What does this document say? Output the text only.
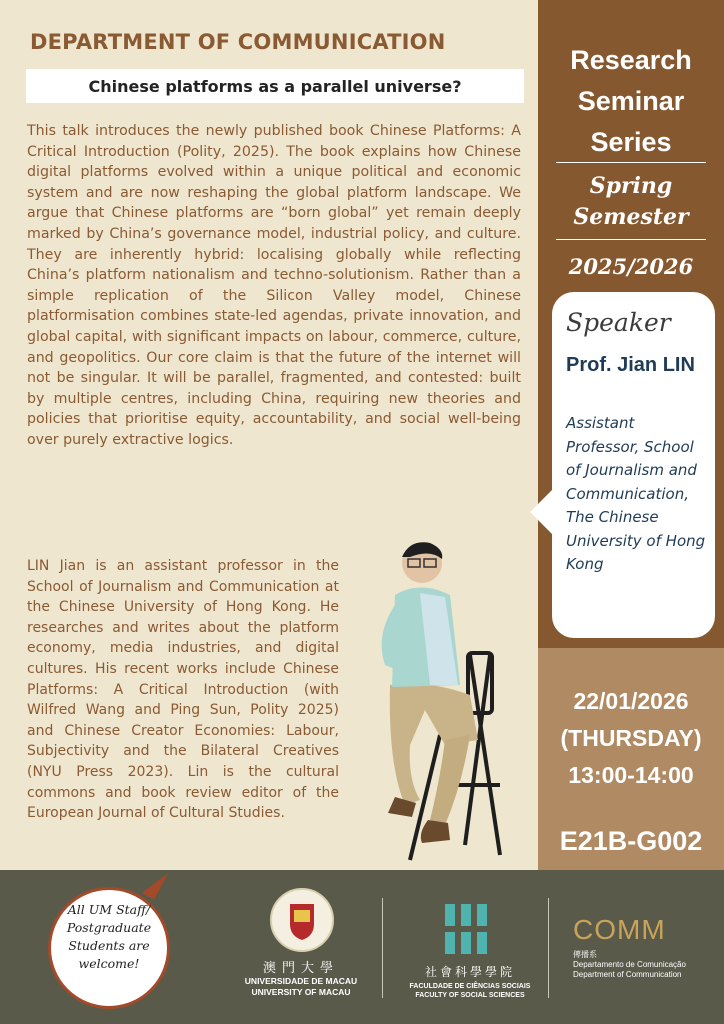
DEPARTMENT OF COMMUNICATION
Chinese platforms as a parallel universe?
This talk introduces the newly published book Chinese Platforms: A Critical Introduction (Polity, 2025). The book explains how Chinese digital platforms evolved within a unique political and economic system and are now reshaping the global platform landscape. We argue that Chinese platforms are “born global” yet remain deeply marked by China’s governance model, industrial policy, and culture. They are inherently hybrid: localising globally while reflecting China’s platform nationalism and techno-solutionism. Rather than a simple replication of the Silicon Valley model, Chinese platformisation combines state-led agendas, private innovation, and global capital, with significant impacts on labour, commerce, culture, and geopolitics. Our core claim is that the future of the internet will not be singular. It will be parallel, fragmented, and contested: built by multiple centres, including China, requiring new theories and policies that prioritise equity, accountability, and social well-being over purely extractive logics.
LIN Jian is an assistant professor in the School of Journalism and Communication at the Chinese University of Hong Kong. He researches and writes about the platform economy, media industries, and digital cultures. His recent works include Chinese Platforms: A Critical Introduction (with Wilfred Wang and Ping Sun, Polity 2025) and Chinese Creator Economies: Labour, Subjectivity and the Bilateral Creatives (NYU Press 2023). Lin is the cultural commons and book review editor of the European Journal of Cultural Studies.
Research
Seminar
Series
Spring
Semester
2025/2026
Speaker
Prof. Jian LIN
Assistant Professor, School of Journalism and Communication, The Chinese University of Hong Kong
22/01/2026
(THURSDAY)
13:00-14:00
E21B-G002
All UM Staff/ Postgraduate Students are welcome!	澳門大學
UNIVERSIDADE DE MACAU
UNIVERSITY OF MACAU
社會科學學院
FACULDADE DE CIÊNCIAS SOCIAIS
FACULTY OF SOCIAL SCIENCES
COMM
傳播系
Departamento de Comunicação
Department of Communication
